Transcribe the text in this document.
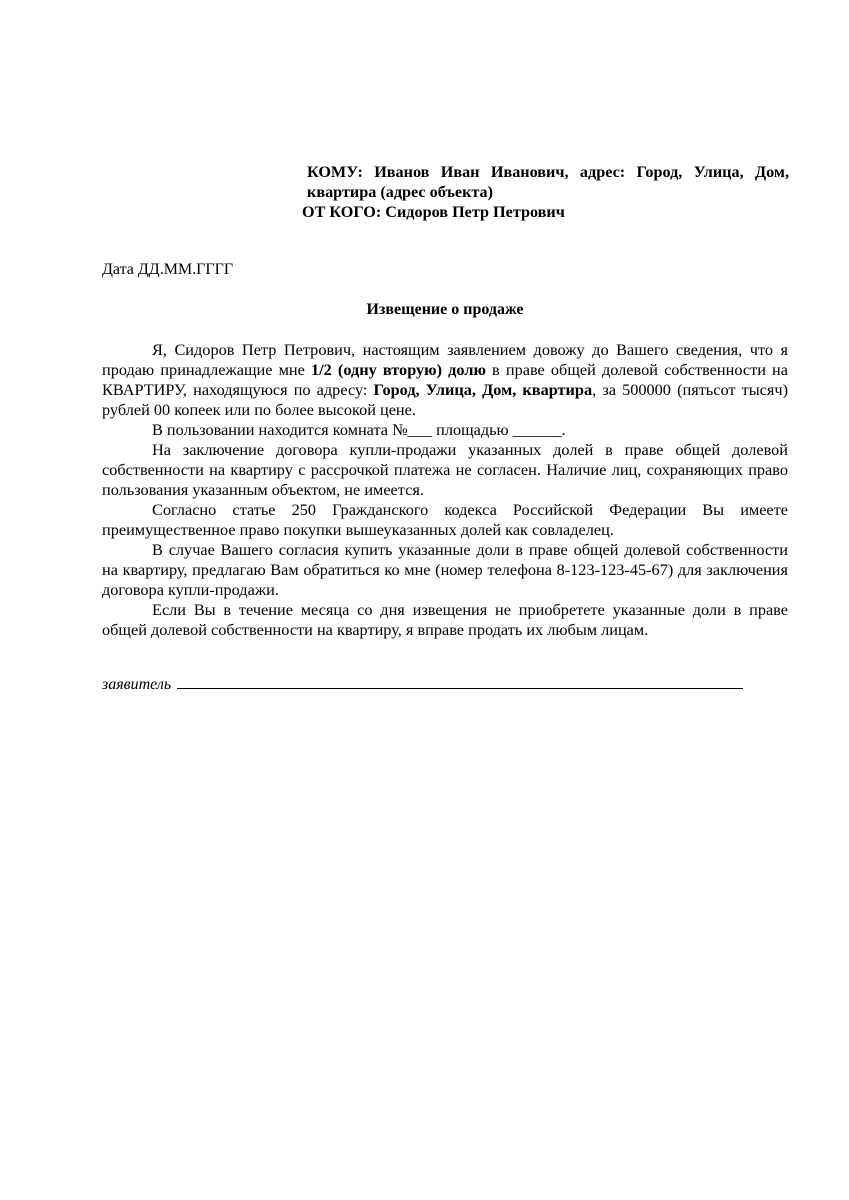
КОМУ: Иванов Иван Иванович, адрес: Город, Улица, Дом,

квартира (адрес объекта)

ОТ КОГО: Сидоров Петр Петрович

Дата ДД.ММ.ГГГГ
Извещение о продаже

Я, Сидоров Петр Петрович, настоящим заявлением довожу до Вашего сведения, что я продаю принадлежащие мне 1/2 (одну вторую) долю в праве общей долевой собственности на КВАРТИРУ, находящуюся по адресу: Город, Улица, Дом, квартира, за 500000 (пятьсот тысяч) рублей 00 копеек или по более высокой цене.

В пользовании находится комната №___ площадью ______.

На заключение договора купли-продажи указанных долей в праве общей долевой собственности на квартиру с рассрочкой платежа не согласен. Наличие лиц, сохраняющих право пользования указанным объектом, не имеется.

Согласно статье 250 Гражданского кодекса Российской Федерации Вы имеете преимущественное право покупки вышеуказанных долей как совладелец.

В случае Вашего согласия купить указанные доли в праве общей долевой собственности на квартиру, предлагаю Вам обратиться ко мне (номер телефона 8-123-123-45-67) для заключения договора купли-продажи.

Если Вы в течение месяца со дня извещения не приобретете указанные доли в праве общей долевой собственности на квартиру, я вправе продать их любым лицам.

заявитель
